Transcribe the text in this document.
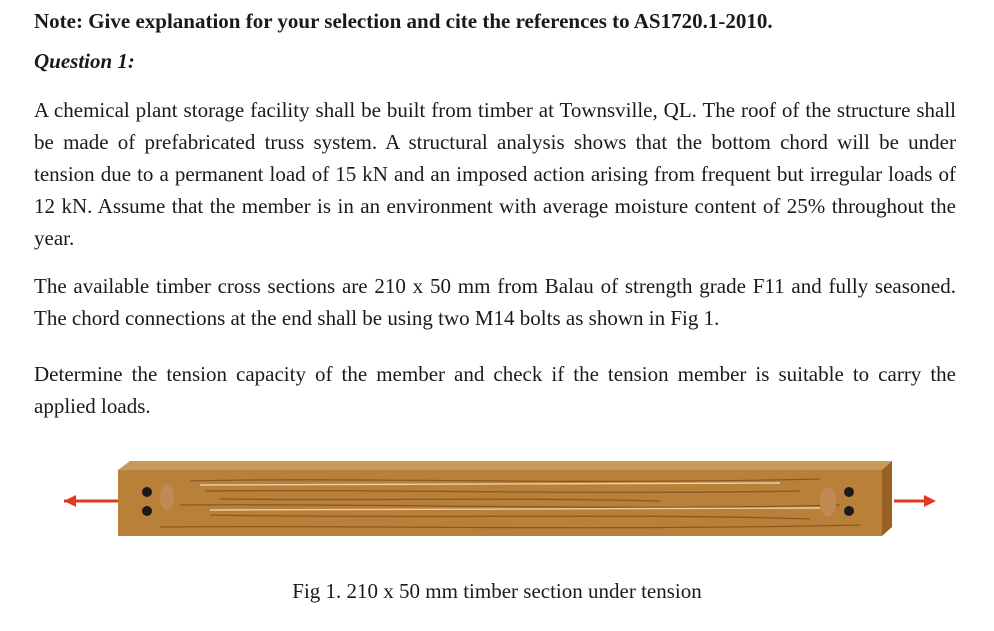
Note: Give explanation for your selection and cite the references to AS1720.1-2010.
Question 1:
A chemical plant storage facility shall be built from timber at Townsville, QL. The roof of the structure shall be made of prefabricated truss system. A structural analysis shows that the bottom chord will be under tension due to a permanent load of 15 kN and an imposed action arising from frequent but irregular loads of 12 kN. Assume that the member is in an environment with average moisture content of 25% throughout the year.
The available timber cross sections are 210 x 50 mm from Balau of strength grade F11 and fully seasoned. The chord connections at the end shall be using two M14 bolts as shown in Fig 1.
Determine the tension capacity of the member and check if the tension member is suitable to carry the applied loads.
Fig 1. 210 x 50 mm timber section under tension
